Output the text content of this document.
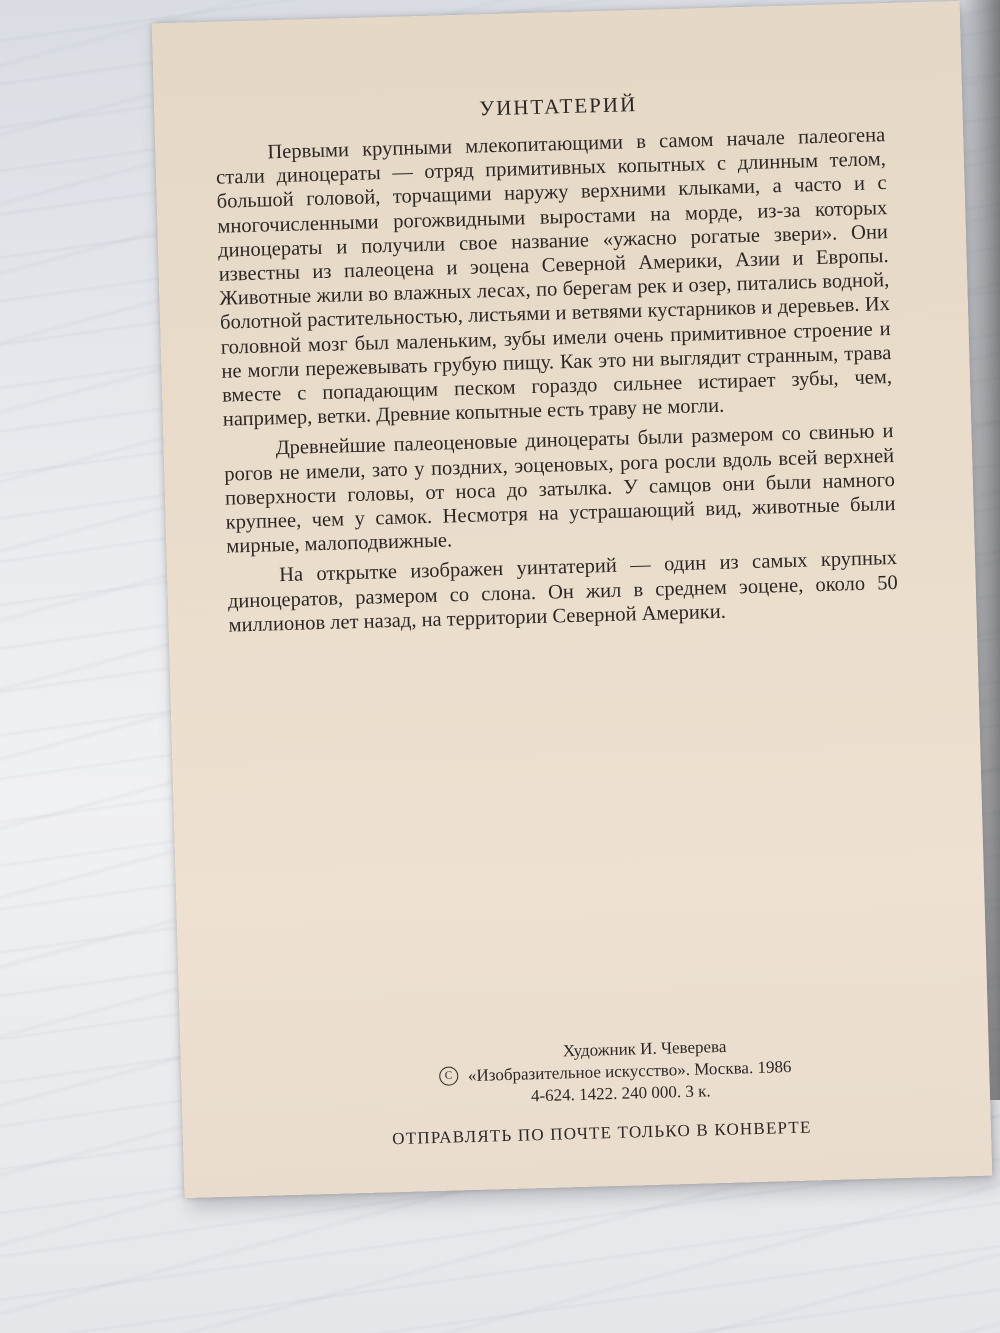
УИНТАТЕРИЙ

Первыми крупными млекопитающими в самом начале палеогена стали диноцераты — отряд примитивных копытных с длинным телом, большой головой, торчащими наружу верхними клыками, а часто и с многочисленными рогожвидными выростами на морде, из-за которых диноцераты и получили свое название «ужасно рогатые звери». Они известны из палеоцена и эоцена Северной Америки, Азии и Европы. Животные жили во влажных лесах, по берегам рек и озер, питались водной, болотной растительностью, листьями и ветвями кустарников и деревьев. Их головной мозг был маленьким, зубы имели очень примитивное строение и не могли пережевывать грубую пищу. Как это ни выглядит странным, трава вместе с попадающим песком гораздо сильнее истирает зубы, чем, например, ветки. Древние копытные есть траву не могли.

Древнейшие палеоценовые диноцераты были размером со свинью и рогов не имели, зато у поздних, эоценовых, рога росли вдоль всей верхней поверхности головы, от носа до затылка. У самцов они были намного крупнее, чем у самок. Несмотря на устрашающий вид, животные были мирные, малоподвижные.

На открытке изображен уинтатерий — один из самых крупных диноцератов, размером со слона. Он жил в среднем эоцене, около 50 миллионов лет назад, на территории Северной Америки.

Художник И. Чеверева
C «Изобразительное искусство». Москва. 1986
4-624. 1422. 240 000. 3 к.
ОТПРАВЛЯТЬ ПО ПОЧТЕ ТОЛЬКО В КОНВЕРТЕ
